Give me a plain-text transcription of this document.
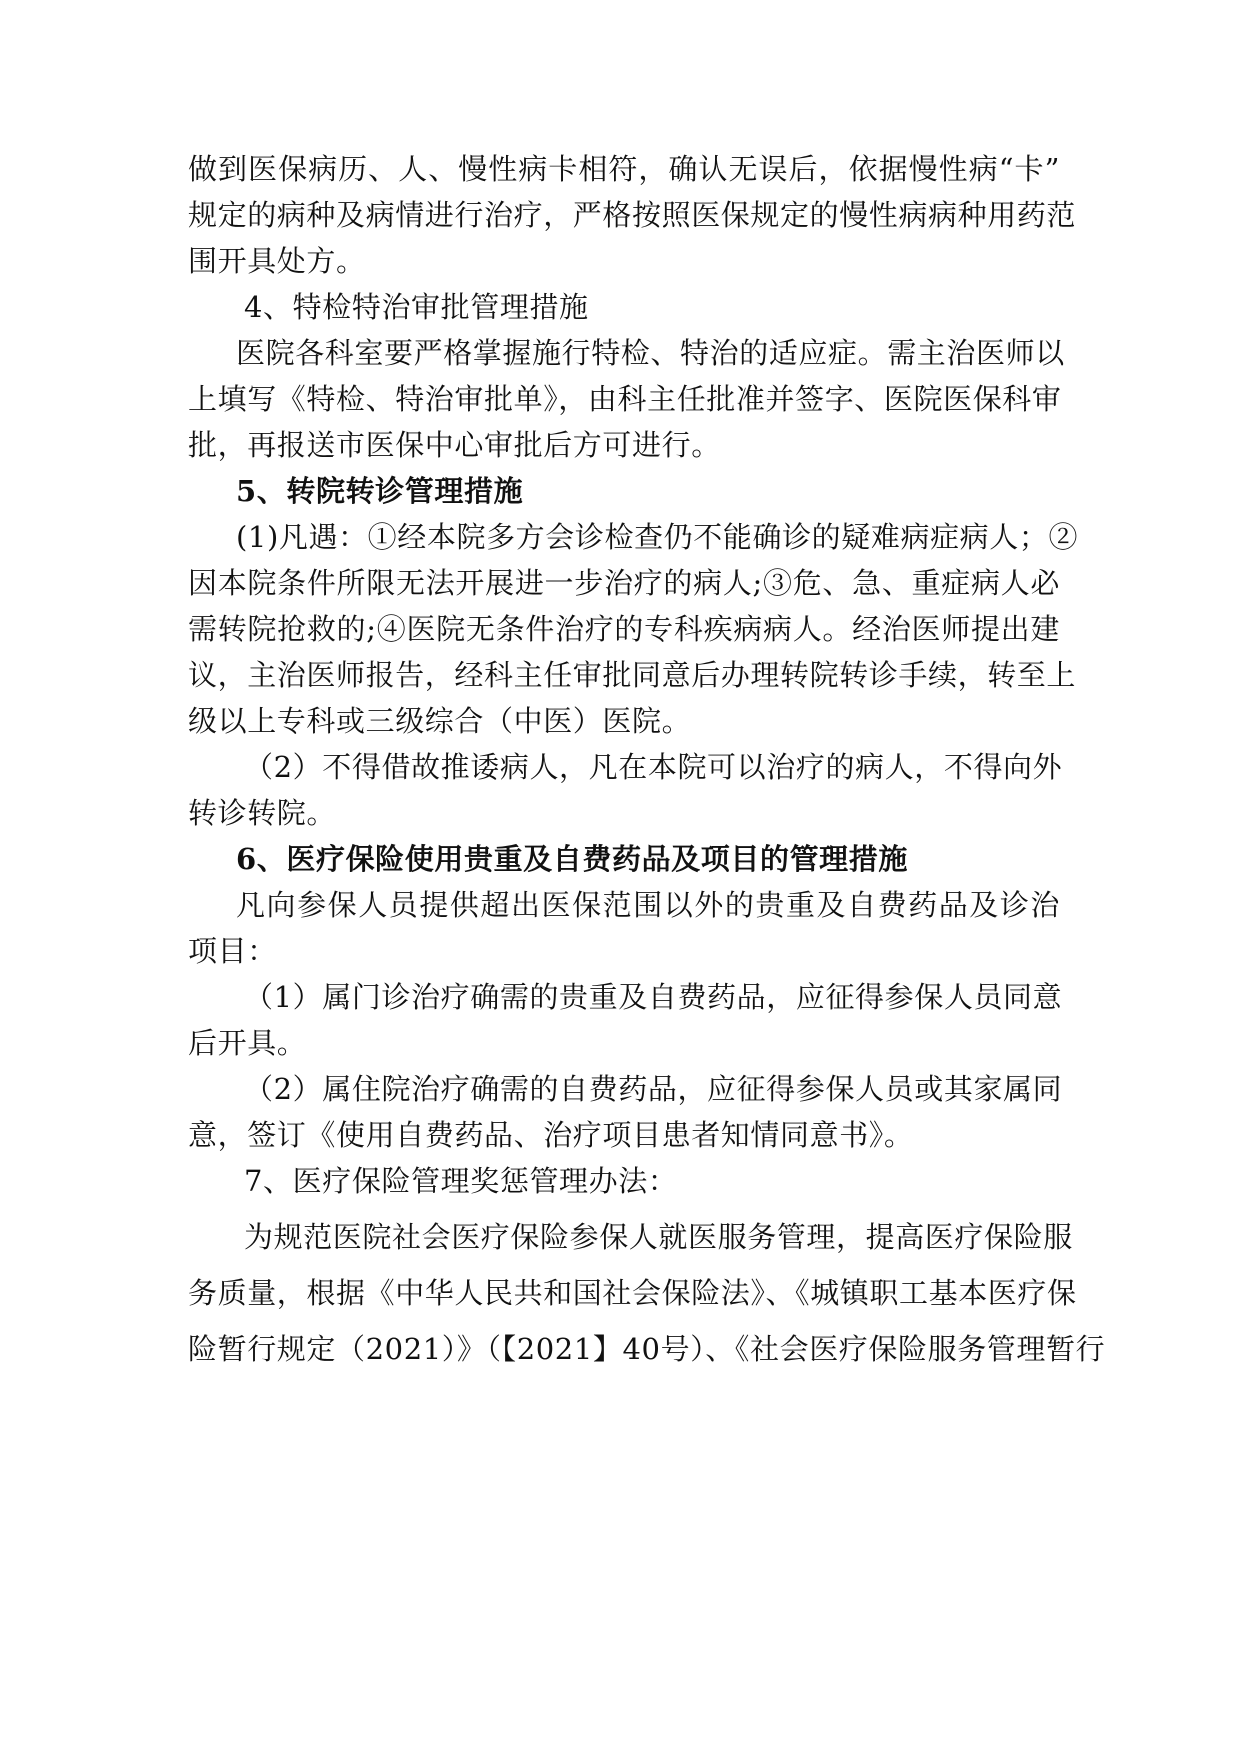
做到医保病历、人、慢性病卡相符，确认无误后，依据慢性病“卡”

规定的病种及病情进行治疗，严格按照医保规定的慢性病病种用药范

围开具处方。

4、特检特治审批管理措施

医院各科室要严格掌握施行特检、特治的适应症。需主治医师以

上填写《特检、特治审批单》，由科主任批准并签字、医院医保科审

批，再报送市医保中心审批后方可进行。

5、转院转诊管理措施

(1)凡遇：①经本院多方会诊检查仍不能确诊的疑难病症病人；②

因本院条件所限无法开展进一步治疗的病人;③危、急、重症病人必

需转院抢救的;④医院无条件治疗的专科疾病病人。经治医师提出建

议，主治医师报告，经科主任审批同意后办理转院转诊手续，转至上

级以上专科或三级综合（中医）医院。

（2）不得借故推诿病人，凡在本院可以治疗的病人，不得向外

转诊转院。

6、医疗保险使用贵重及自费药品及项目的管理措施

凡向参保人员提供超出医保范围以外的贵重及自费药品及诊治

项目：

（1）属门诊治疗确需的贵重及自费药品，应征得参保人员同意

后开具。

（2）属住院治疗确需的自费药品，应征得参保人员或其家属同

意，签订《使用自费药品、治疗项目患者知情同意书》。

7、医疗保险管理奖惩管理办法：

为规范医院社会医疗保险参保人就医服务管理，提高医疗保险服

务质量，根据《中华人民共和国社会保险法》、《城镇职工基本医疗保

险暂行规定（2021）》（【2021】40号）、《社会医疗保险服务管理暂行
